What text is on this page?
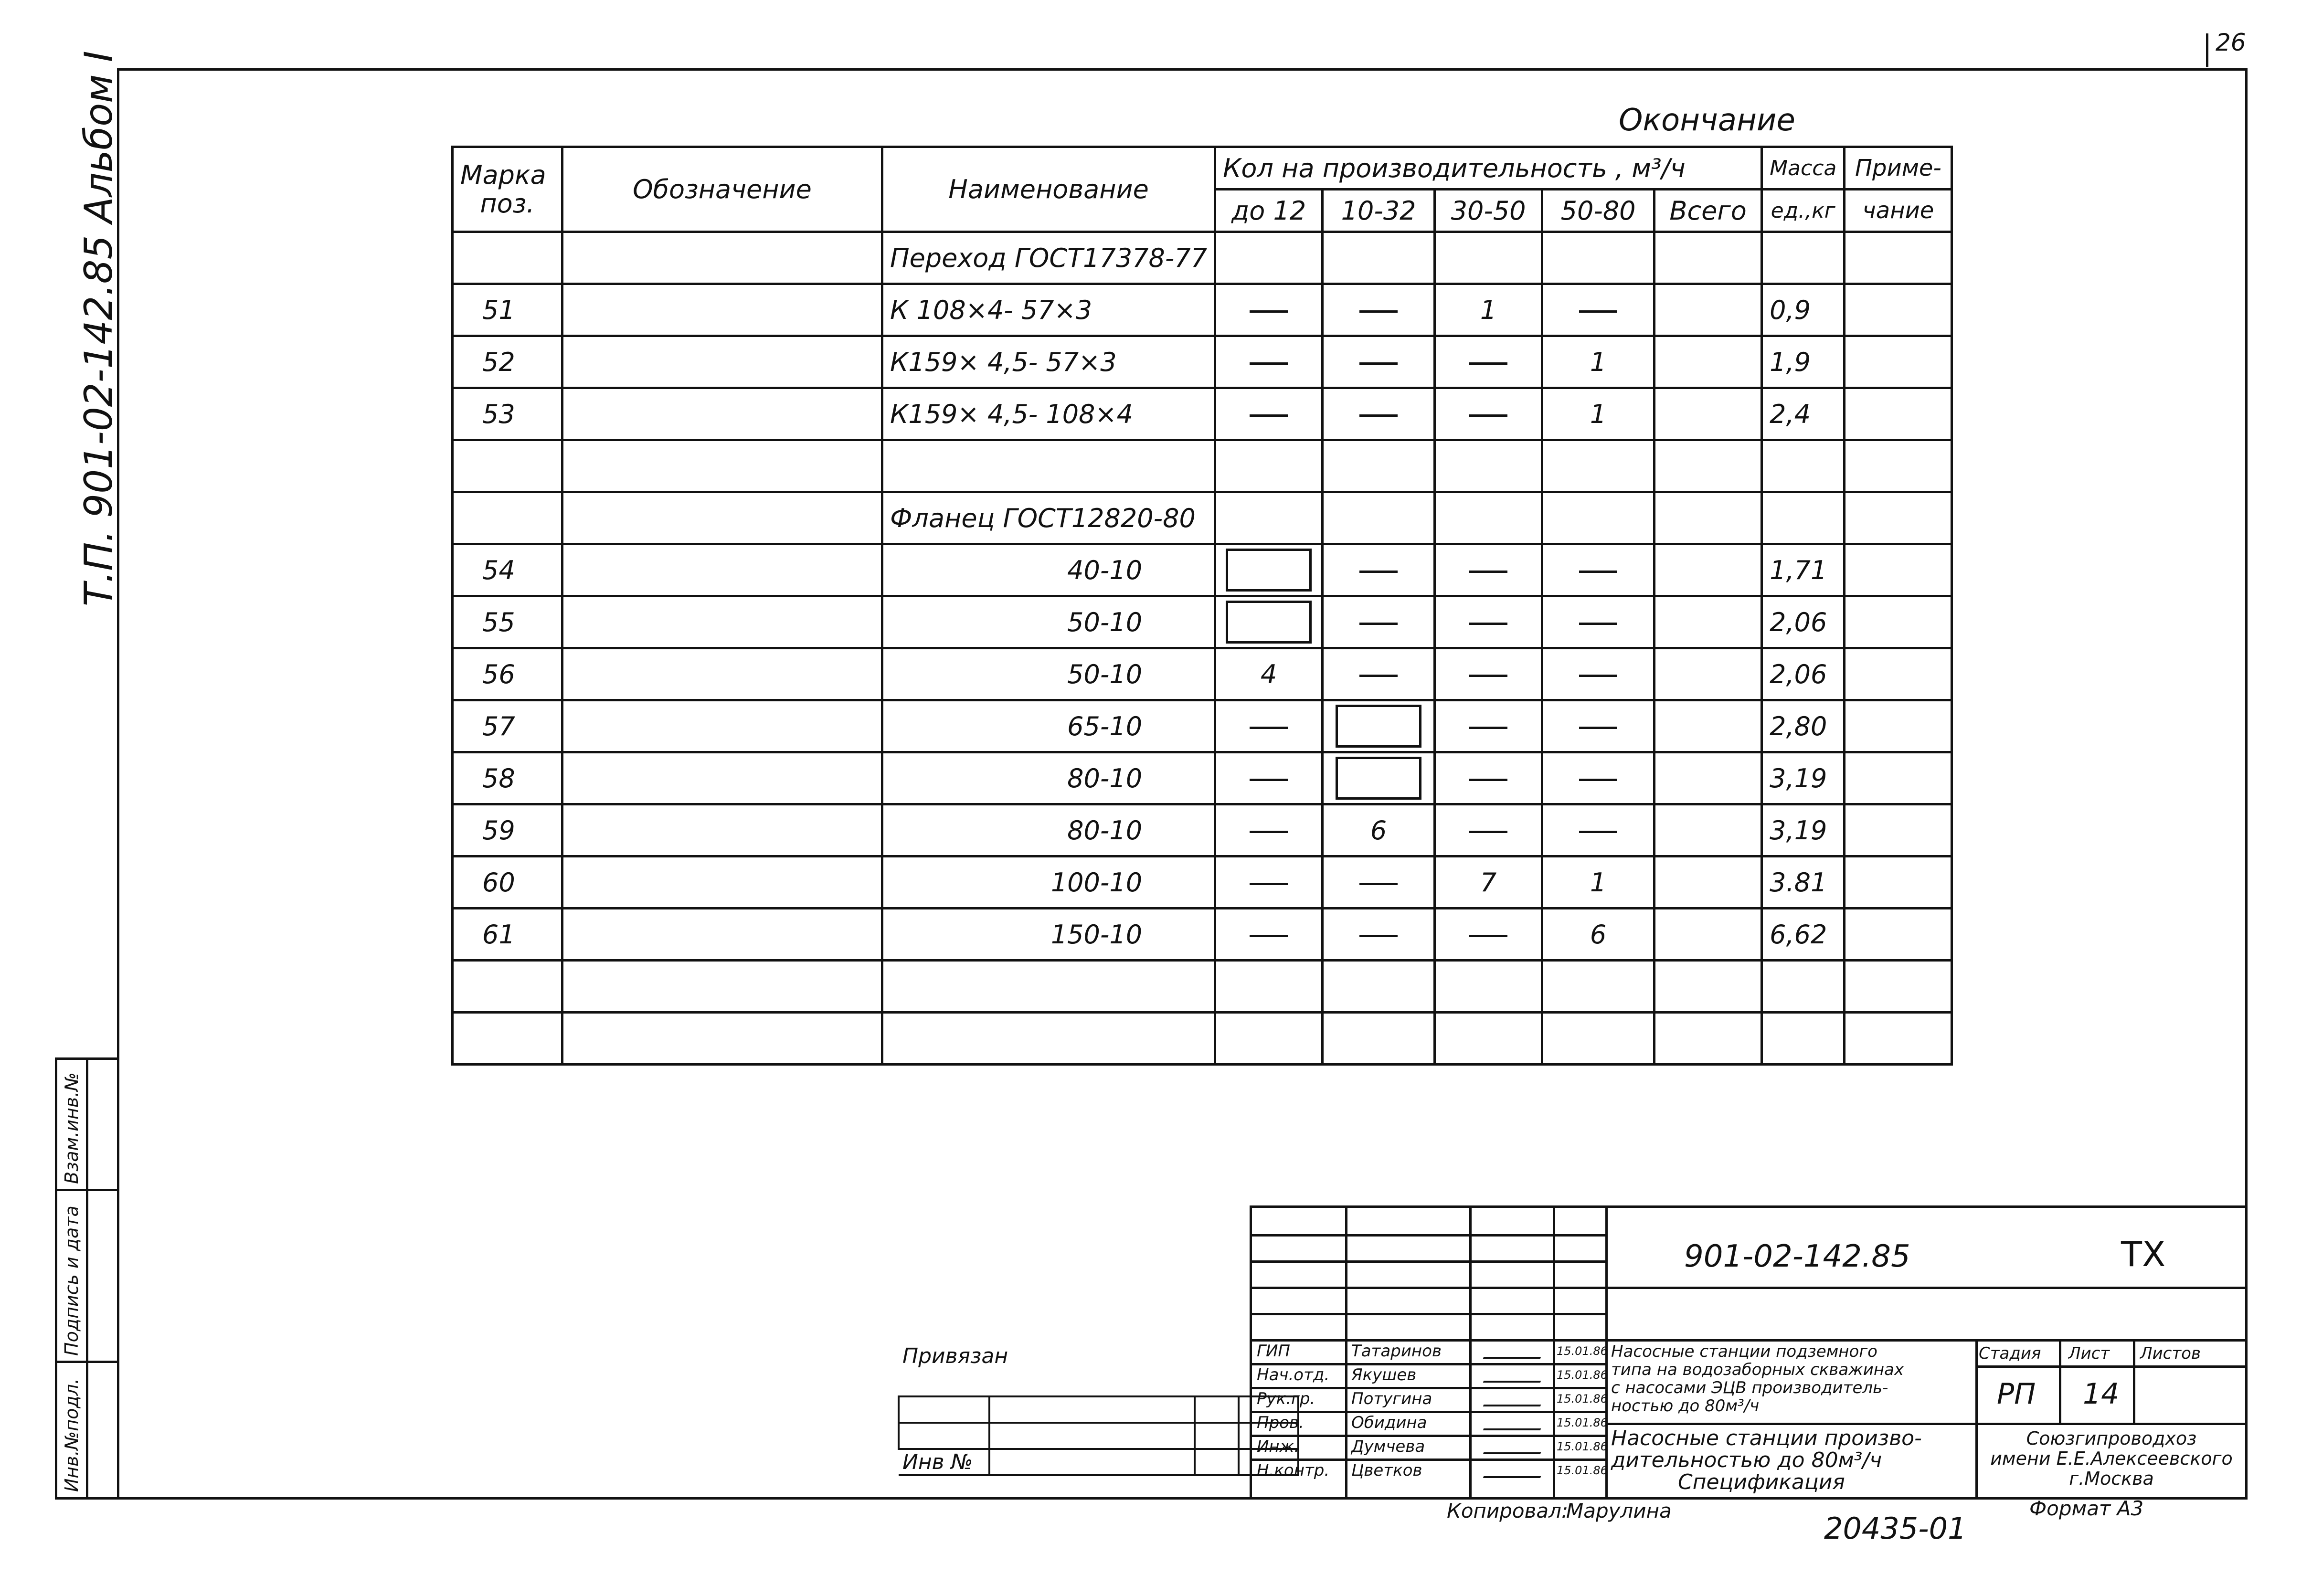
26
Т.П. 901-02-142.85 Альбом I
Взам.инв.№
Подпись и дата
Инв.№подл.
Окончание
Марка
поз.	Обозначение	Наименование	Кол на производительность , м³/ч					Масса	Приме-
			до 12	10-32	30-50	50-80	Всего	ед.,кг	чание
		Переход ГОСТ17378-77							
51		К 108×4- 57×3			1			0,9	
52		К159× 4,5- 57×3				1		1,9	
53		К159× 4,5- 108×4				1		2,4	

		Фланец ГОСТ12820-80							
54		40-10						1,71	
55		50-10						2,06	
56		50-10	4					2,06	
57		65-10						2,80	
58		80-10						3,19	
59		80-10		6				3,19	
60		100-10			7	1		3.81	
61		150-10				6		6,62	

Привязан			

Инв №			
901-02-142.85	ТХ
ГИП	Татаринов	15.01.86
Нач.отд. Якушев	15.01.86
Рук.гр. Потугина	15.01.86
Пров.	Обидина	15.01.86
Инж.	Думчева	15.01.86
Н.контр. Цветков	15.01.86
Насосные станции подземного
типа на водозаборных скважинах
с насосами ЭЦВ производитель-
ностью до 80м³/ч
Насосные станции произво-
дительностью до 80м³/ч
Спецификация
Стадия Лист Листов
РП 14
Союзгипроводхоз
имени Е.Е.Алексеевского
г.Москва
Копировал:
Марулина
20435-01
Формат А3
